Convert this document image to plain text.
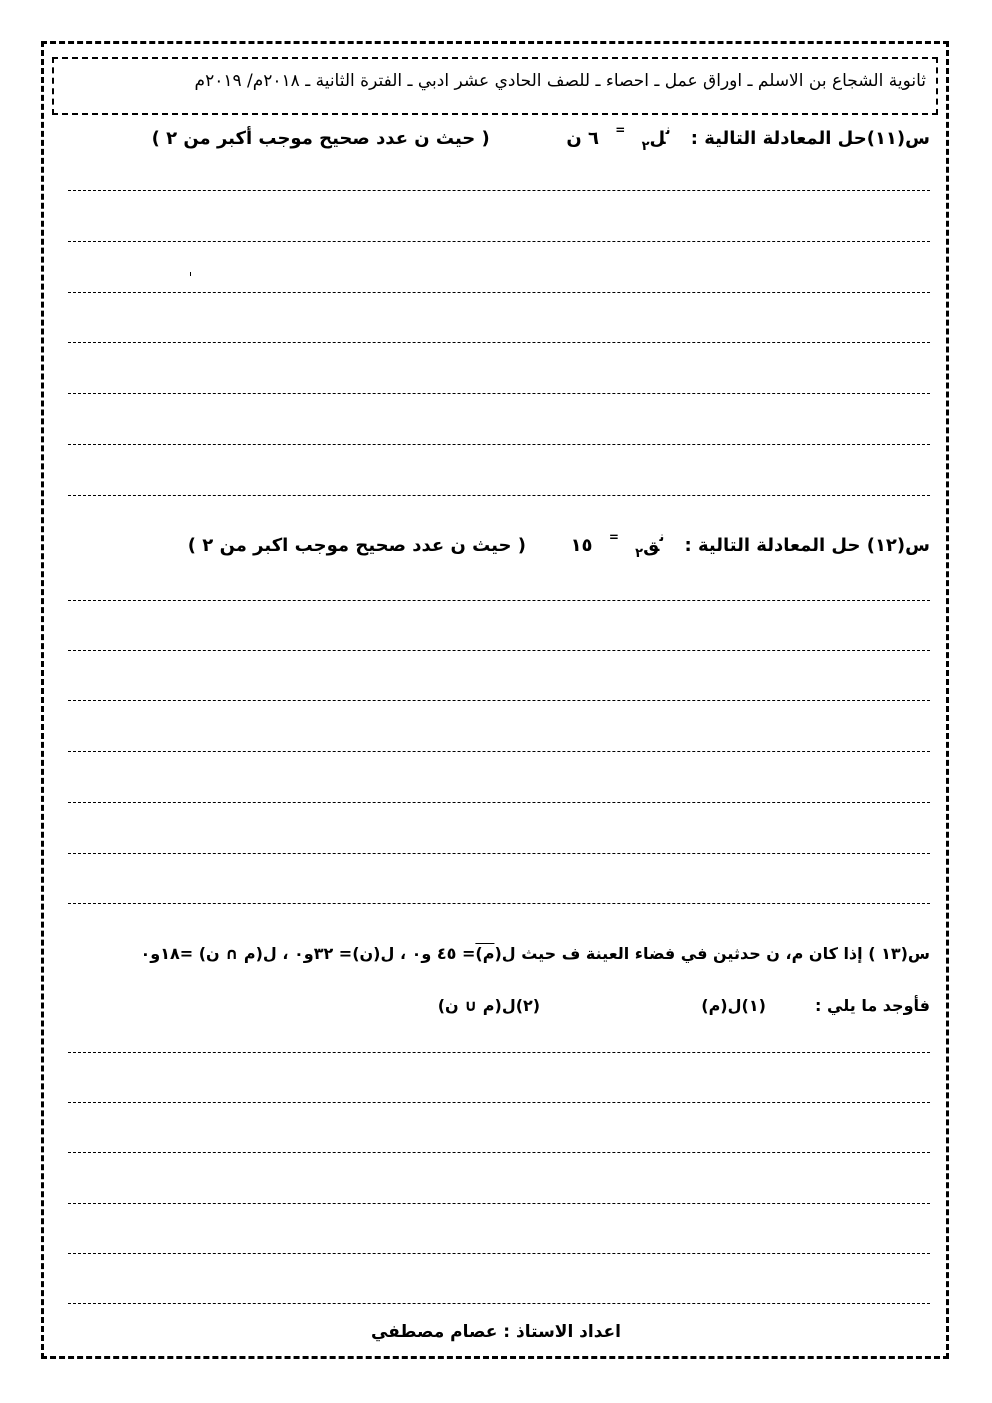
ثانوية الشجاع بن الاسلم ـ اوراق عمل ـ احصاء ـ للصف الحادي عشر ادبي ـ الفترة الثانية ـ ٢٠١٨م/ ٢٠١٩م
س(١١)حل المعادلة التالية : $^ن$ل$_٢$ = ٦ ن  ( حيث ن عدد صحيح موجب أكبر من ٢ )
س(١٢) حل المعادلة التالية : $^ن$ق$_٢$ = ١٥  ( حيث ن عدد صحيح موجب اكبر من ٢ )
س(١٣ ) إذا كان م، ن حدثين في فضاء العينة ف حيث ل(م)= ٤٥ و٠ ، ل(ن)= ٣٢و٠ ، ل(م ∩ ن) =١٨و٠
فأوجد ما يلي :  (١)ل(م)  (٢)ل(م ∪ ن)
اعداد الاستاذ : عصام مصطفي
